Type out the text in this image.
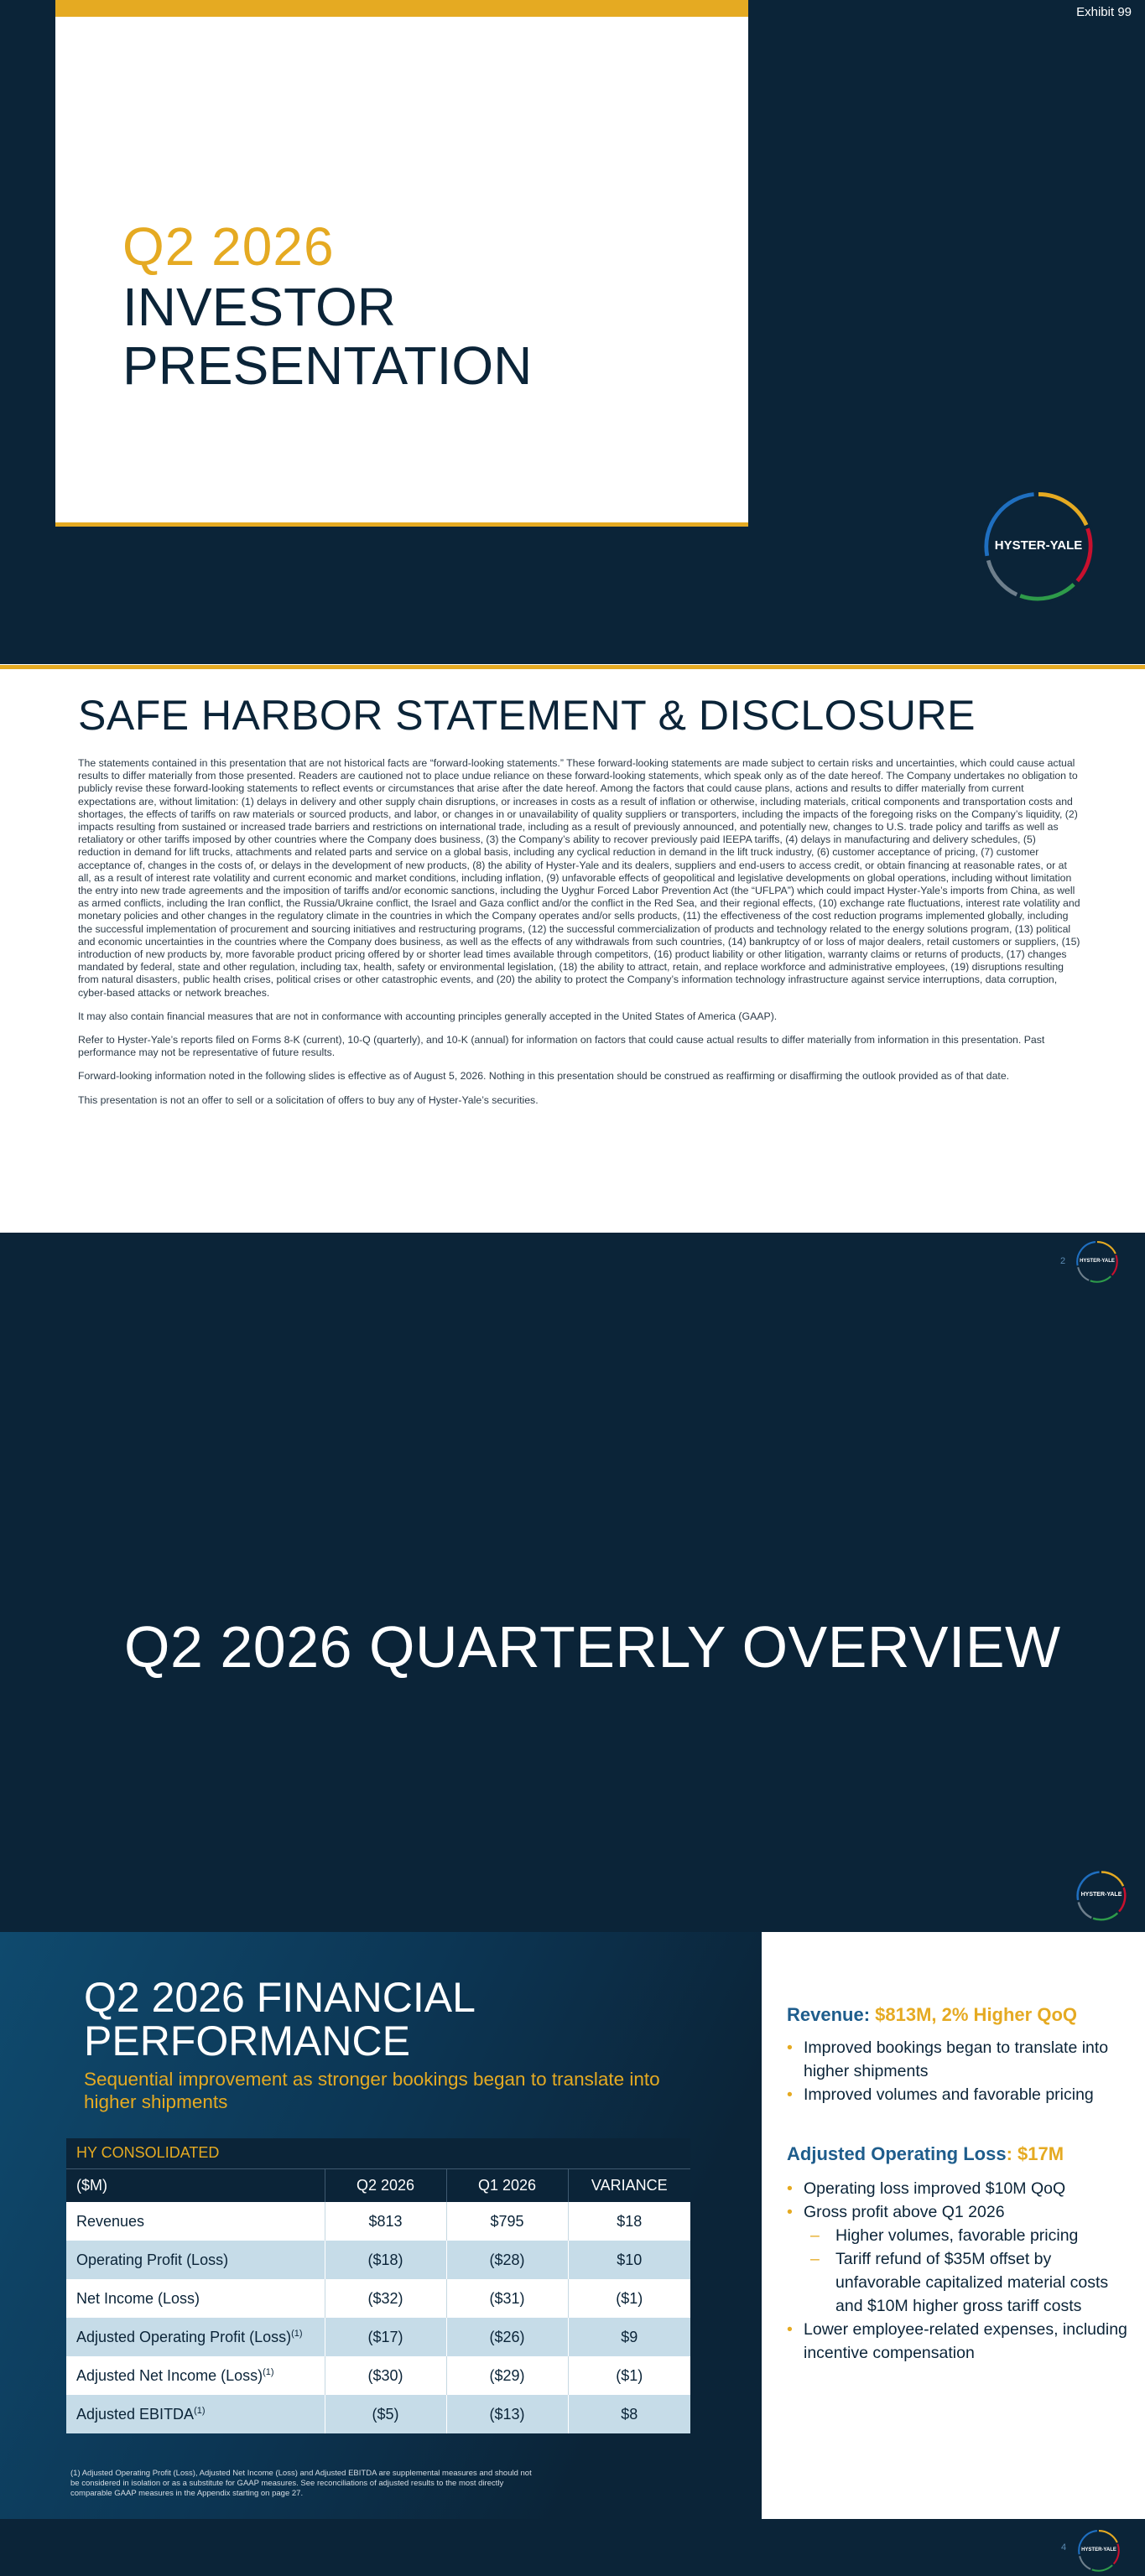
Exhibit 99
Q2 2026
INVESTOR
PRESENTATION
HYSTER-YALE
SAFE HARBOR STATEMENT & DISCLOSURE

The statements contained in this presentation that are not historical facts are “forward-looking statements.” These forward-looking statements are made subject to certain risks and uncertainties, which could cause actual results to differ materially from those presented. Readers are cautioned not to place undue reliance on these forward-looking statements, which speak only as of the date hereof. The Company undertakes no obligation to publicly revise these forward-looking statements to reflect events or circumstances that arise after the date hereof. Among the factors that could cause plans, actions and results to differ materially from current expectations are, without limitation: (1) delays in delivery and other supply chain disruptions, or increases in costs as a result of inflation or otherwise, including materials, critical components and transportation costs and shortages, the effects of tariffs on raw materials or sourced products, and labor, or changes in or unavailability of quality suppliers or transporters, including the impacts of the foregoing risks on the Company’s liquidity, (2) impacts resulting from sustained or increased trade barriers and restrictions on international trade, including as a result of previously announced, and potentially new, changes to U.S. trade policy and tariffs as well as retaliatory or other tariffs imposed by other countries where the Company does business, (3) the Company’s ability to recover previously paid IEEPA tariffs, (4) delays in manufacturing and delivery schedules, (5) reduction in demand for lift trucks, attachments and related parts and service on a global basis, including any cyclical reduction in demand in the lift truck industry, (6) customer acceptance of pricing, (7) customer acceptance of, changes in the costs of, or delays in the development of new products, (8) the ability of Hyster-Yale and its dealers, suppliers and end-users to access credit, or obtain financing at reasonable rates, or at all, as a result of interest rate volatility and current economic and market conditions, including inflation, (9) unfavorable effects of geopolitical and legislative developments on global operations, including without limitation the entry into new trade agreements and the imposition of tariffs and/or economic sanctions, including the Uyghur Forced Labor Prevention Act (the “UFLPA”) which could impact Hyster-Yale’s imports from China, as well as armed conflicts, including the Iran conflict, the Russia/Ukraine conflict, the Israel and Gaza conflict and/or the conflict in the Red Sea, and their regional effects, (10) exchange rate fluctuations, interest rate volatility and monetary policies and other changes in the regulatory climate in the countries in which the Company operates and/or sells products, (11) the effectiveness of the cost reduction programs implemented globally, including the successful implementation of procurement and sourcing initiatives and restructuring programs, (12) the successful commercialization of products and technology related to the energy solutions program, (13) political and economic uncertainties in the countries where the Company does business, as well as the effects of any withdrawals from such countries, (14) bankruptcy of or loss of major dealers, retail customers or suppliers, (15) introduction of new products by, more favorable product pricing offered by or shorter lead times available through competitors, (16) product liability or other litigation, warranty claims or returns of products, (17) changes mandated by federal, state and other regulation, including tax, health, safety or environmental legislation, (18) the ability to attract, retain, and replace workforce and administrative employees, (19) disruptions resulting from natural disasters, public health crises, political crises or other catastrophic events, and (20) the ability to protect the Company’s information technology infrastructure against service interruptions, data corruption, cyber-based attacks or network breaches.

It may also contain financial measures that are not in conformance with accounting principles generally accepted in the United States of America (GAAP).

Refer to Hyster-Yale’s reports filed on Forms 8-K (current), 10-Q (quarterly), and 10-K (annual) for information on factors that could cause actual results to differ materially from information in this presentation. Past performance may not be representative of future results.

Forward-looking information noted in the following slides is effective as of August 5, 2026. Nothing in this presentation should be construed as reaffirming or disaffirming the outlook provided as of that date.

This presentation is not an offer to sell or a solicitation of offers to buy any of Hyster-Yale’s securities.

2	HYSTER-YALE
Q2 2026 QUARTERLY OVERVIEW
HYSTER-YALE
Q2 2026 FINANCIAL
PERFORMANCE
Sequential improvement as stronger bookings began to translate into higher shipments
HY CONSOLIDATED			
($M)	Q2 2026	Q1 2026	VARIANCE
Revenues	$813	$795	$18
Operating Profit (Loss)	($18)	($28)	$10
Net Income (Loss)	($32)	($31)	($1)
Adjusted Operating Profit (Loss)$^{(1)}$	($17)	($26)	$9
Adjusted Net Income (Loss)$^{(1)}$	($30)	($29)	($1)
Adjusted EBITDA$^{(1)}$	($5)	($13)	$8
(1) Adjusted Operating Profit (Loss), Adjusted Net Income (Loss) and Adjusted EBITDA are supplemental measures and should not be considered in isolation or as a substitute for GAAP measures. See reconciliations of adjusted results to the most directly comparable GAAP measures in the Appendix starting on page 27.
Revenue: $813M, 2% Higher QoQ
• Improved bookings began to translate into higher shipments
• Improved volumes and favorable pricing
Adjusted Operating Loss: $17M
• Operating loss improved $10M QoQ
• Gross profit above Q1 2026
– Higher volumes, favorable pricing
– Tariff refund of $35M offset by unfavorable capitalized material costs and $10M higher gross tariff costs
• Lower employee-related expenses, including incentive compensation
4	HYSTER-YALE
